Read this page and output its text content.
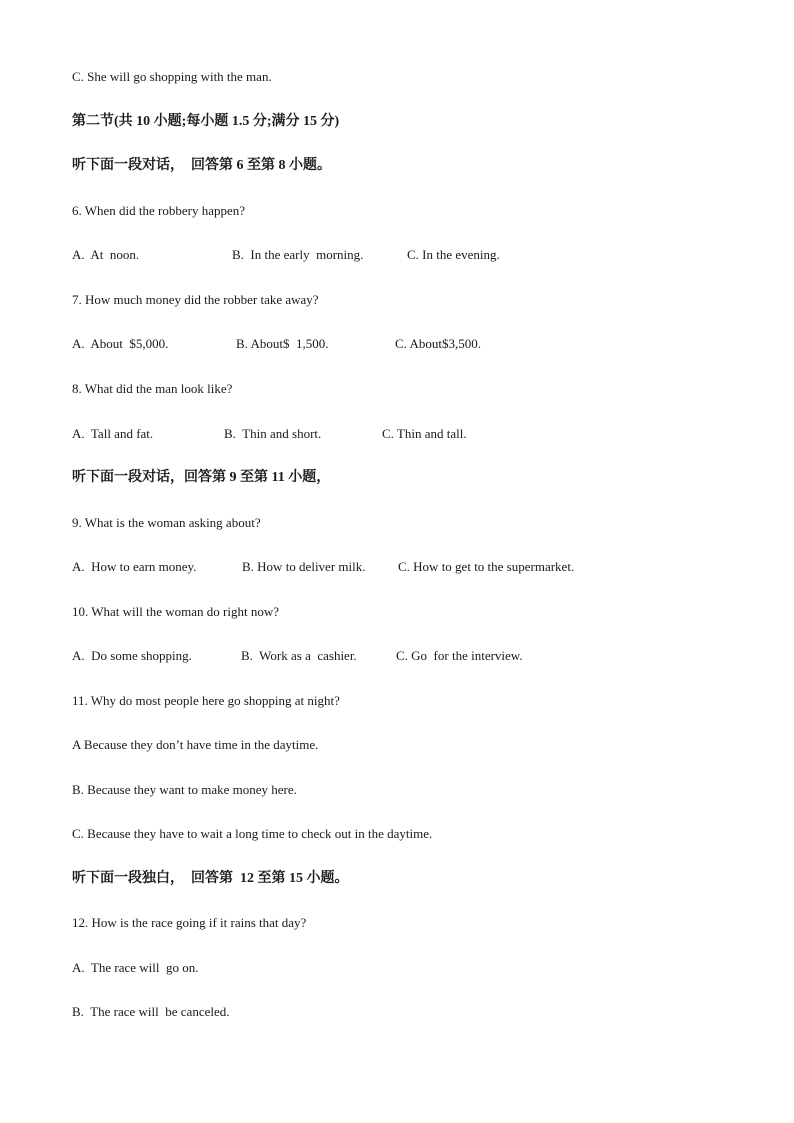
C. She will go shopping with the man.
第二节(共 10 小题;每小题 1.5 分;满分 15 分)
听下面一段对话，  回答第 6 至第 8 小题。
6. When did the robbery happen?

A.  At  noon.

	B.  In the early  morning.

	C. In the evening.

7. How much money did the robber take away?

A.  About  $5,000.

	B. About$  1,500.

	C. About$3,500.

8. What did the man look like?

A.  Tall and fat.

	B.  Thin and short.

	C. Thin and tall.

听下面一段对话，回答第 9 至第 11 小题，
9. What is the woman asking about?

A.  How to earn money.

	B. How to deliver milk.

	C. How to get to the supermarket.

10. What will the woman do right now?

A.  Do some shopping.

	B.  Work as a  cashier.

	C. Go  for the interview.

11. Why do most people here go shopping at night?
A Because they don’t have time in the daytime.
B. Because they want to make money here.
C. Because they have to wait a long time to check out in the daytime.
听下面一段独白，  回答第  12 至第 15 小题。
12. How is the race going if it rains that day?
A.  The race will  go on.
B.  The race will  be canceled.
